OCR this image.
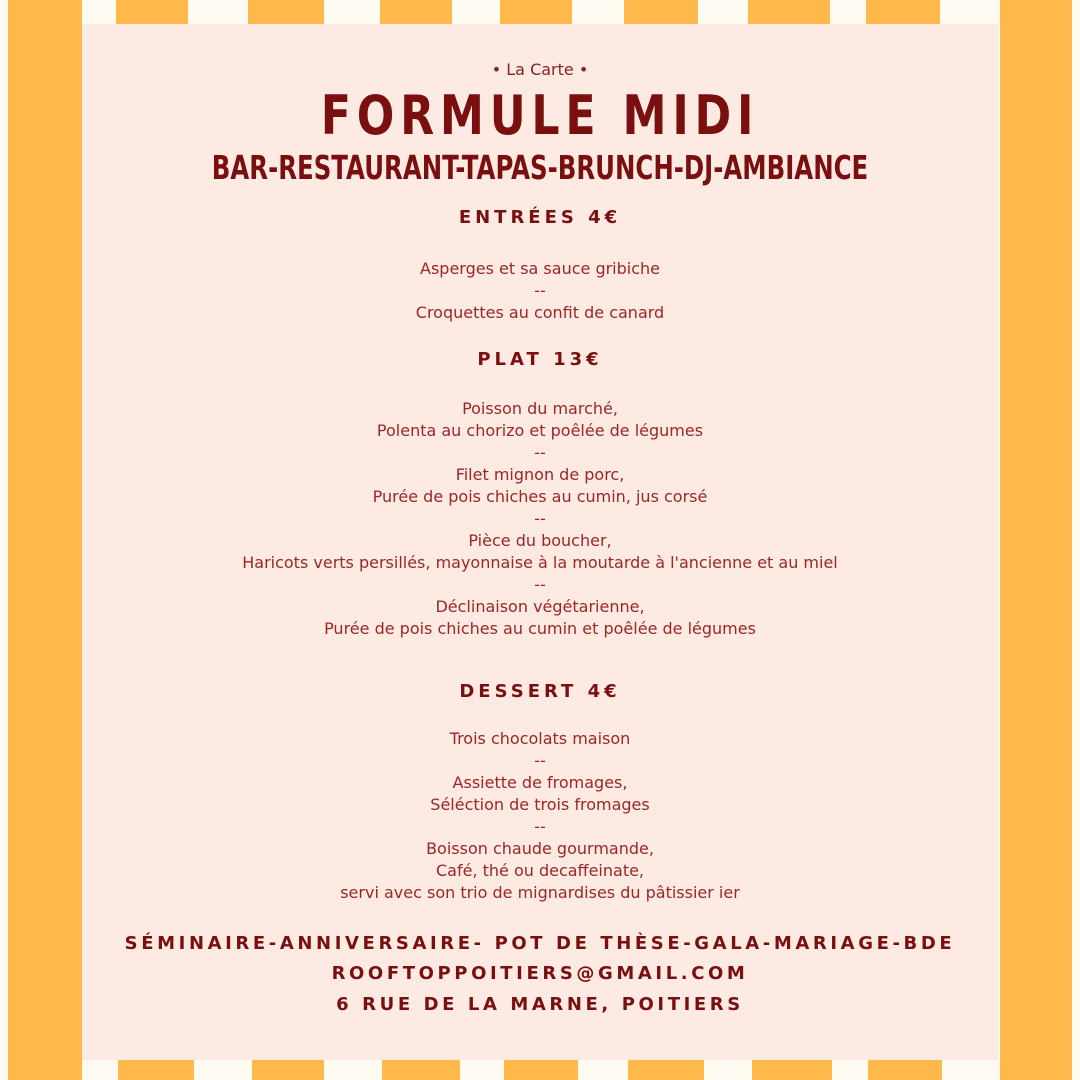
• La Carte •
FORMULE MIDI
BAR-RESTAURANT-TAPAS-BRUNCH-DJ-AMBIANCE
ENTRÉES 4€
Asperges et sa sauce gribiche
--
Croquettes au confit de canard
PLAT 13€
Poisson du marché,
Polenta au chorizo et poêlée de légumes
--
Filet mignon de porc,
Purée de pois chiches au cumin, jus corsé
--
Pièce du boucher,
Haricots verts persillés, mayonnaise à la moutarde à l'ancienne et au miel
--
Déclinaison végétarienne,
Purée de pois chiches au cumin et poêlée de légumes
DESSERT 4€
Trois chocolats maison
--
Assiette de fromages,
Séléction de trois fromages
--
Boisson chaude gourmande,
Café, thé ou decaffeinate,
servi avec son trio de mignardises du pâtissier ier
SÉMINAIRE-ANNIVERSAIRE- POT DE THÈSE-GALA-MARIAGE-BDE
ROOFTOPPOITIERS@GMAIL.COM
6 RUE DE LA MARNE, POITIERS
